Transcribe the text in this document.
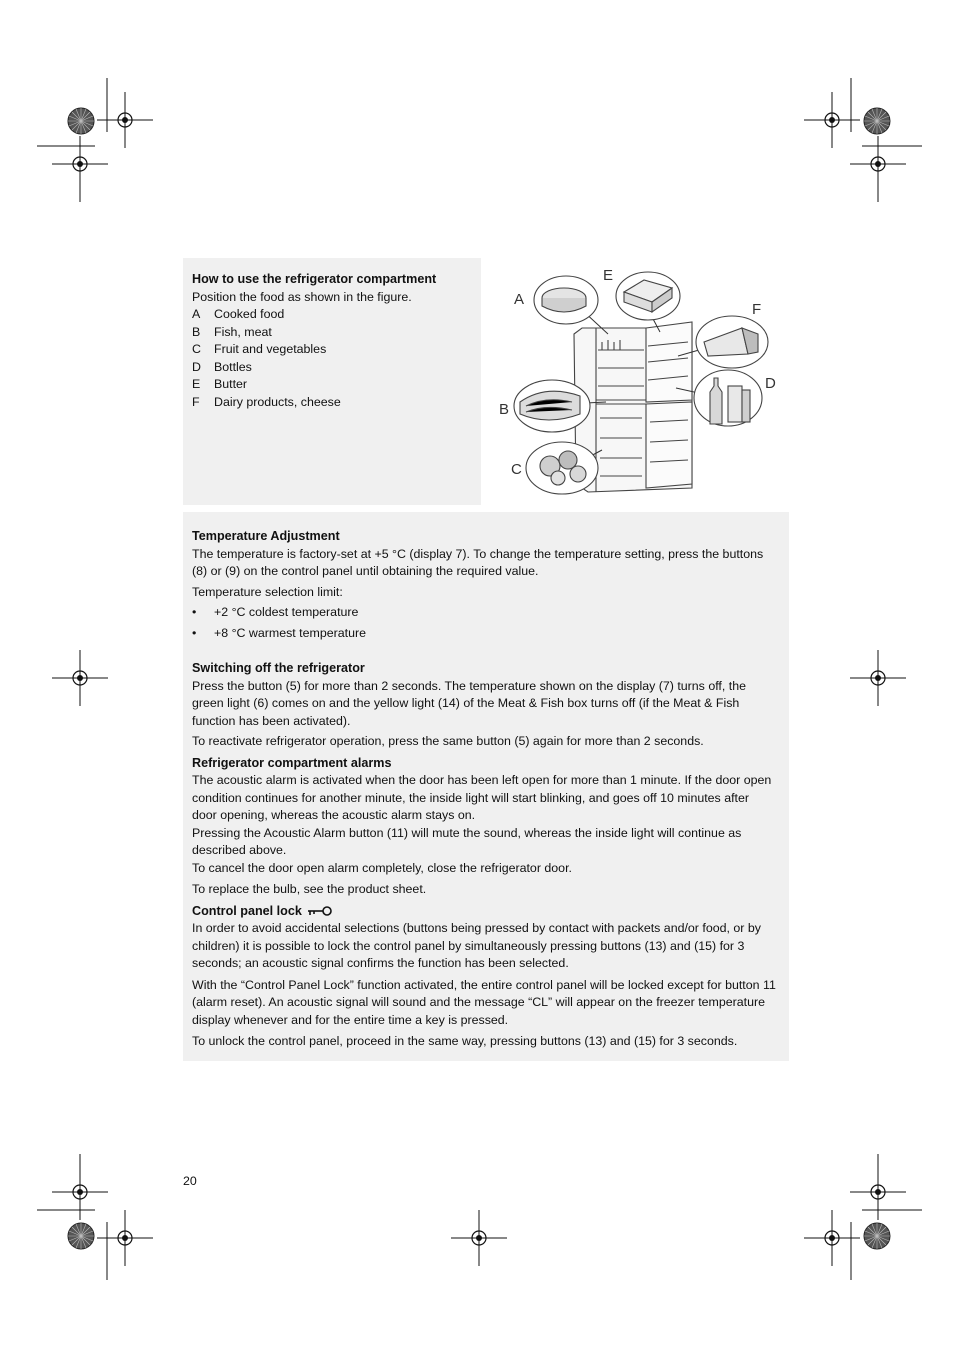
How to use the refrigerator compartment

Position the food as shown in the figure.

A	Cooked food
B	Fish, meat
C	Fruit and vegetables
D	Bottles
E	Butter
F	Dairy products, cheese
A
E
F
D
B
C
Temperature Adjustment

The temperature is factory-set at +5 °C (display 7). To change the temperature setting, press the buttons (8) or (9) on the control panel until obtaining the required value.

Temperature selection limit:

•	+2 °C coldest temperature
•	+8 °C warmest temperature
Switching off the refrigerator

Press the button (5) for more than 2 seconds. The temperature shown on the display (7) turns off, the green light (6) comes on and the yellow light (14) of the Meat & Fish box turns off (if the Meat & Fish function has been activated).

To reactivate refrigerator operation, press the same button (5) again for more than 2 seconds.

Refrigerator compartment alarms

The acoustic alarm is activated when the door has been left open for more than 1 minute. If the door open condition continues for another minute, the inside light will start blinking, and goes off 10 minutes after door opening, whereas the acoustic alarm stays on.

Pressing the Acoustic Alarm button (11) will mute the sound, whereas the inside light will continue as described above.

To cancel the door open alarm completely, close the refrigerator door.

To replace the bulb, see the product sheet.

Control panel lock

In order to avoid accidental selections (buttons being pressed by contact with packets and/or food, or by children) it is possible to lock the control panel by simultaneously pressing buttons (13) and (15) for 3 seconds; an acoustic signal confirms the function has been selected.

With the “Control Panel Lock” function activated, the entire control panel will be locked except for button 11 (alarm reset). An acoustic signal will sound and the message “CL” will appear on the freezer temperature display whenever and for the entire time a key is pressed.

To unlock the control panel, proceed in the same way, pressing buttons (13) and (15) for 3 seconds.

20
